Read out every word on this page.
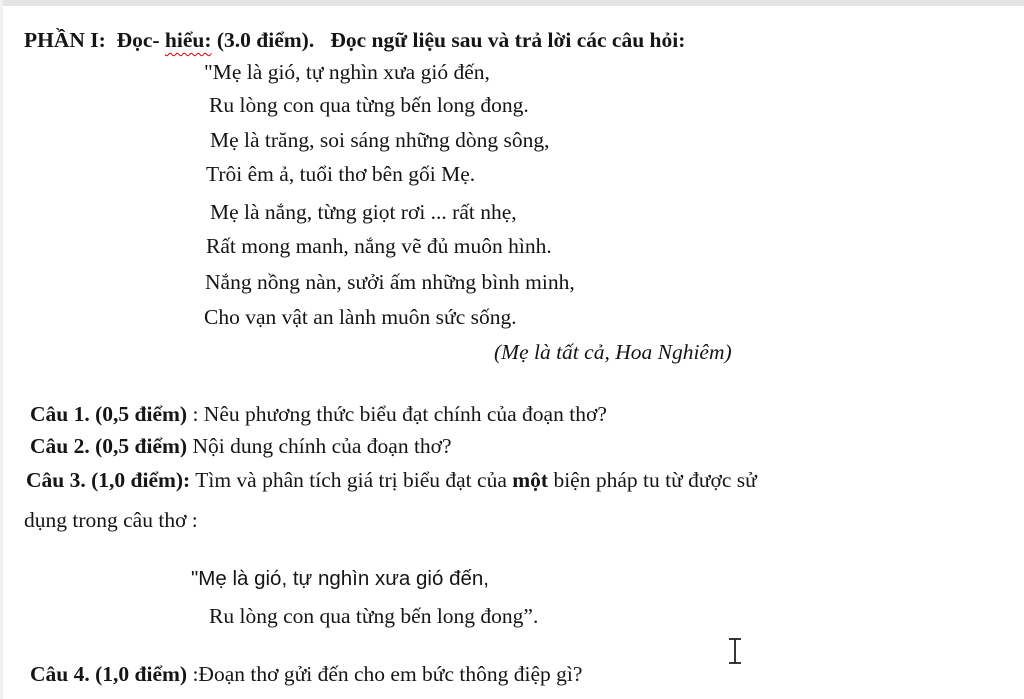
PHẦN I: Đọc- hiểu: (3.0 điểm). Đọc ngữ liệu sau và trả lời các câu hỏi:
"Mẹ là gió, tự nghìn xưa gió đến,
Ru lòng con qua từng bến long đong.
Mẹ là trăng, soi sáng những dòng sông,
Trôi êm ả, tuổi thơ bên gối Mẹ.
Mẹ là nắng, từng giọt rơi ... rất nhẹ,
Rất mong manh, nắng vẽ đủ muôn hình.
Nắng nồng nàn, sưởi ấm những bình minh,
Cho vạn vật an lành muôn sức sống.
(Mẹ là tất cả, Hoa Nghiêm)
Câu 1. (0,5 điểm) : Nêu phương thức biểu đạt chính của đoạn thơ?
Câu 2. (0,5 điểm) Nội dung chính của đoạn thơ?
Câu 3. (1,0 điểm): Tìm và phân tích giá trị biểu đạt của một biện pháp tu từ được sử
dụng trong câu thơ :
"Mẹ là gió, tự nghìn xưa gió đến,
Ru lòng con qua từng bến long đong”.
Câu 4. (1,0 điểm) :Đoạn thơ gửi đến cho em bức thông điệp gì?
